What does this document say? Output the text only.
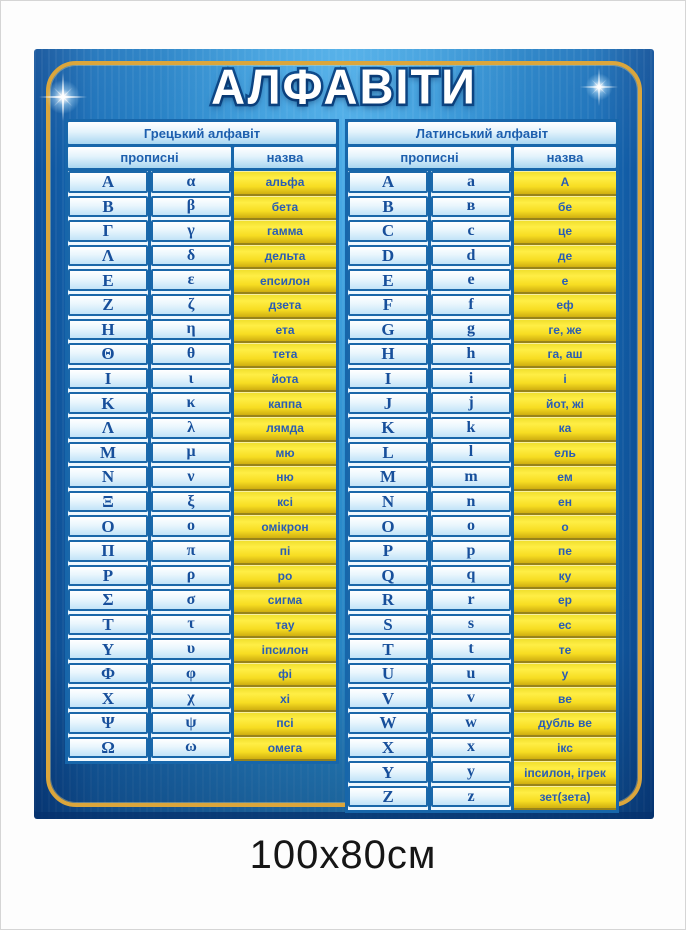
АЛФАВІТИ
Грецький алфавіт
прописні	назва
Α
Β
Γ
Λ
Ε
Ζ
Η
Θ
Ι
Κ
Λ
Μ
Ν
Ξ
Ο
Π
Ρ
Σ
Τ
Υ
Φ
Χ
Ψ
Ω
α
β
γ
δ
ε
ζ
η
θ
ι
κ
λ
μ
ν
ξ
ο
π
ρ
σ
τ
υ
φ
χ
ψ
ω
альфа
бета
гамма
дельта
епсилон
дзета
ета
тета
йота
каппа
лямда
мю
ню
ксі
омікрон
пі
ро
сигма
тау
іпсилон
фі
хі
псі
омега
Латинський алфавіт
прописні	назва
A
B
C
D
E
F
G
H
I
J
K
L
M
N
O
P
Q
R
S
T
U
V
W
X
Y
Z
a
в
c
d
e
f
g
h
i
j
k
l
m
n
o
p
q
r
s
t
u
v
w
x
y
z
А
бе
це
де
е
еф
ге, же
га, аш
і
йот, жі
ка
ель
ем
ен
о
пе
ку
ер
ес
те
у
ве
дубль ве
ікс
іпсилон, ігрек
зет(зета)
100x80см
